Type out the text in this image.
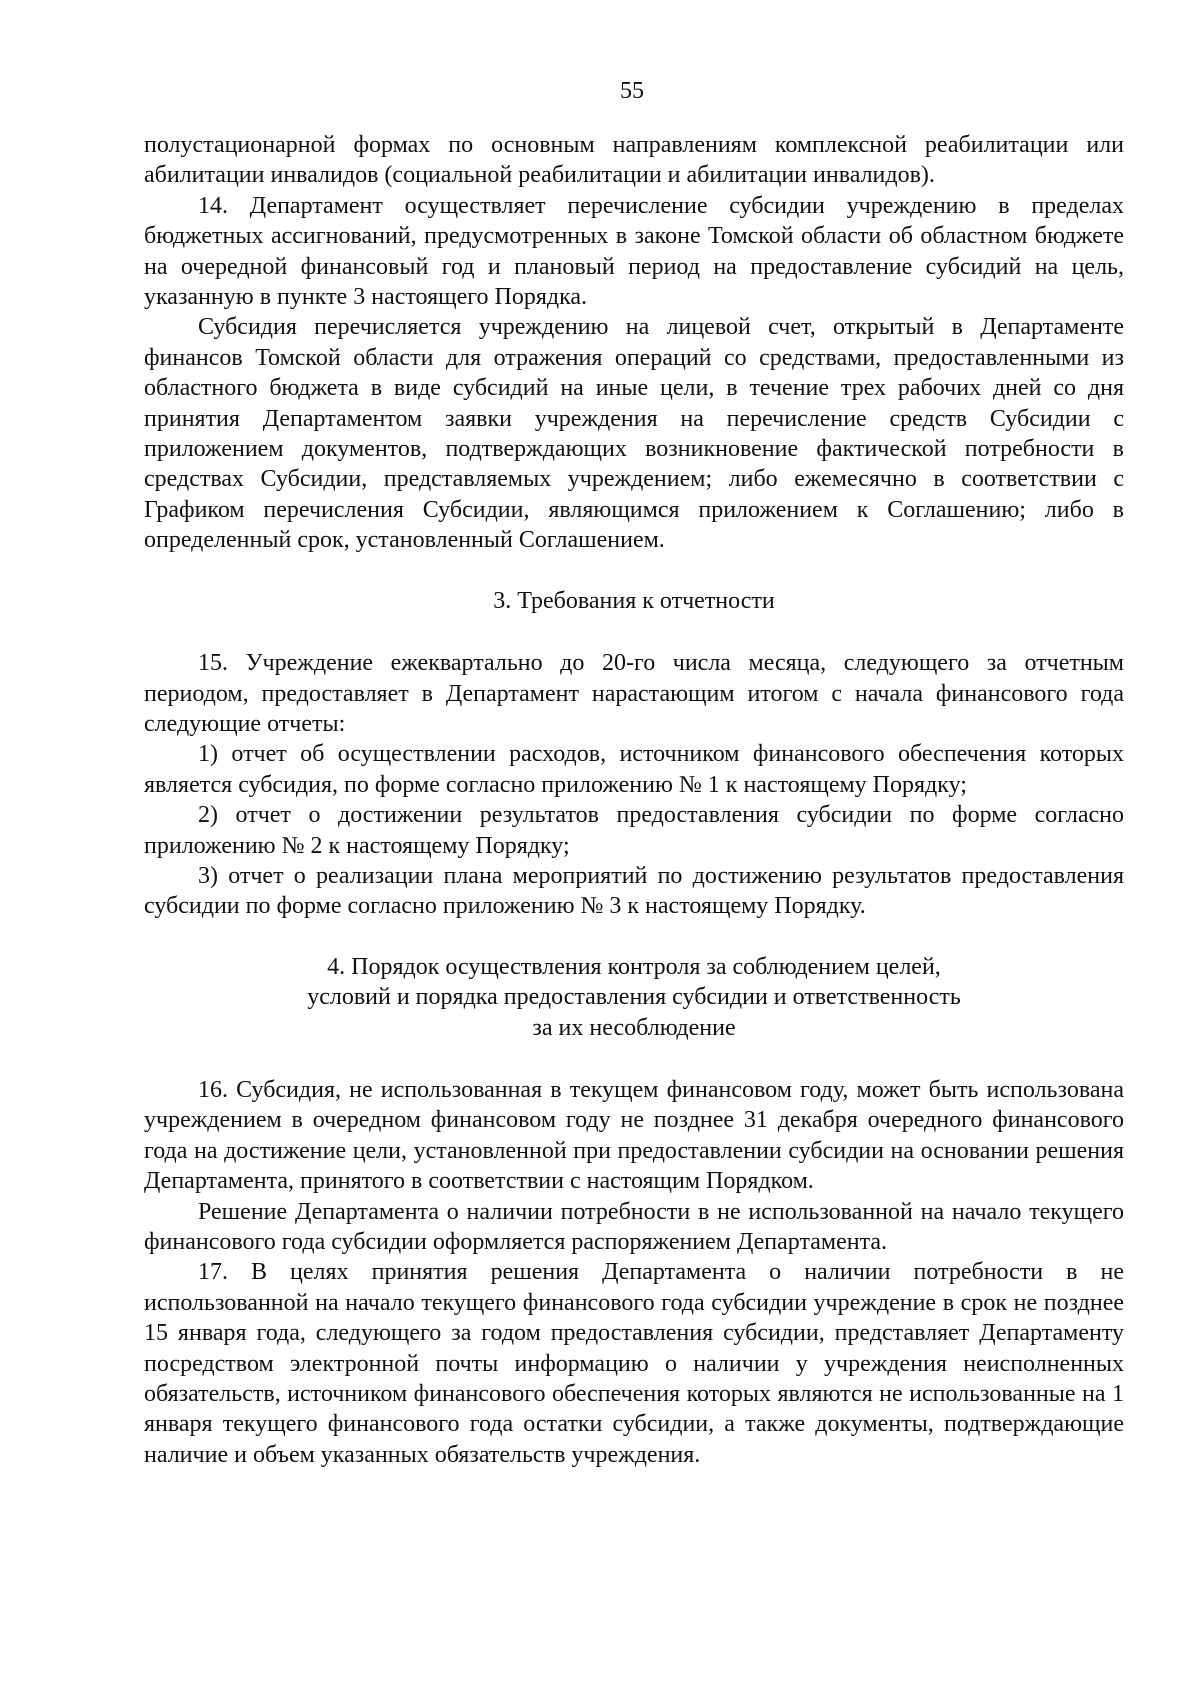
55

полустационарной формах по основным направлениям комплексной реабилитации или абилитации инвалидов (социальной реабилитации и абилитации инвалидов).

14. Департамент осуществляет перечисление субсидии учреждению в пределах бюджетных ассигнований, предусмотренных в законе Томской области об областном бюджете на очередной финансовый год и плановый период на предоставление субсидий на цель, указанную в пункте 3 настоящего Порядка.

Субсидия перечисляется учреждению на лицевой счет, открытый в Департаменте финансов Томской области для отражения операций со средствами, предоставленными из областного бюджета в виде субсидий на иные цели, в течение трех рабочих дней со дня принятия Департаментом заявки учреждения на перечисление средств Субсидии с приложением документов, подтверждающих возникновение фактической потребности в средствах Субсидии, представляемых учреждением; либо ежемесячно в соответствии с Графиком перечисления Субсидии, являющимся приложением к Соглашению; либо в определенный срок, установленный Соглашением.

3. Требования к отчетности

15. Учреждение ежеквартально до 20-го числа месяца, следующего за отчетным периодом, предоставляет в Департамент нарастающим итогом с начала финансового года следующие отчеты:

1) отчет об осуществлении расходов, источником финансового обеспечения которых является субсидия, по форме согласно приложению № 1 к настоящему Порядку;

2) отчет о достижении результатов предоставления субсидии по форме согласно приложению № 2 к настоящему Порядку;

3) отчет о реализации плана мероприятий по достижению результатов предоставления субсидии по форме согласно приложению № 3 к настоящему Порядку.

4. Порядок осуществления контроля за соблюдением целей,

условий и порядка предоставления субсидии и ответственность

за их несоблюдение

16. Субсидия, не использованная в текущем финансовом году, может быть использована учреждением в очередном финансовом году не позднее 31 декабря очередного финансового года на достижение цели, установленной при предоставлении субсидии на основании решения Департамента, принятого в соответствии с настоящим Порядком.

Решение Департамента о наличии потребности в не использованной на начало текущего финансового года субсидии оформляется распоряжением Департамента.

17. В целях принятия решения Департамента о наличии потребности в не использованной на начало текущего финансового года субсидии учреждение в срок не позднее 15 января года, следующего за годом предоставления субсидии, представляет Департаменту посредством электронной почты информацию о наличии у учреждения неисполненных обязательств, источником финансового обеспечения которых являются не использованные на 1 января текущего финансового года остатки субсидии, а также документы, подтверждающие наличие и объем указанных обязательств учреждения.
